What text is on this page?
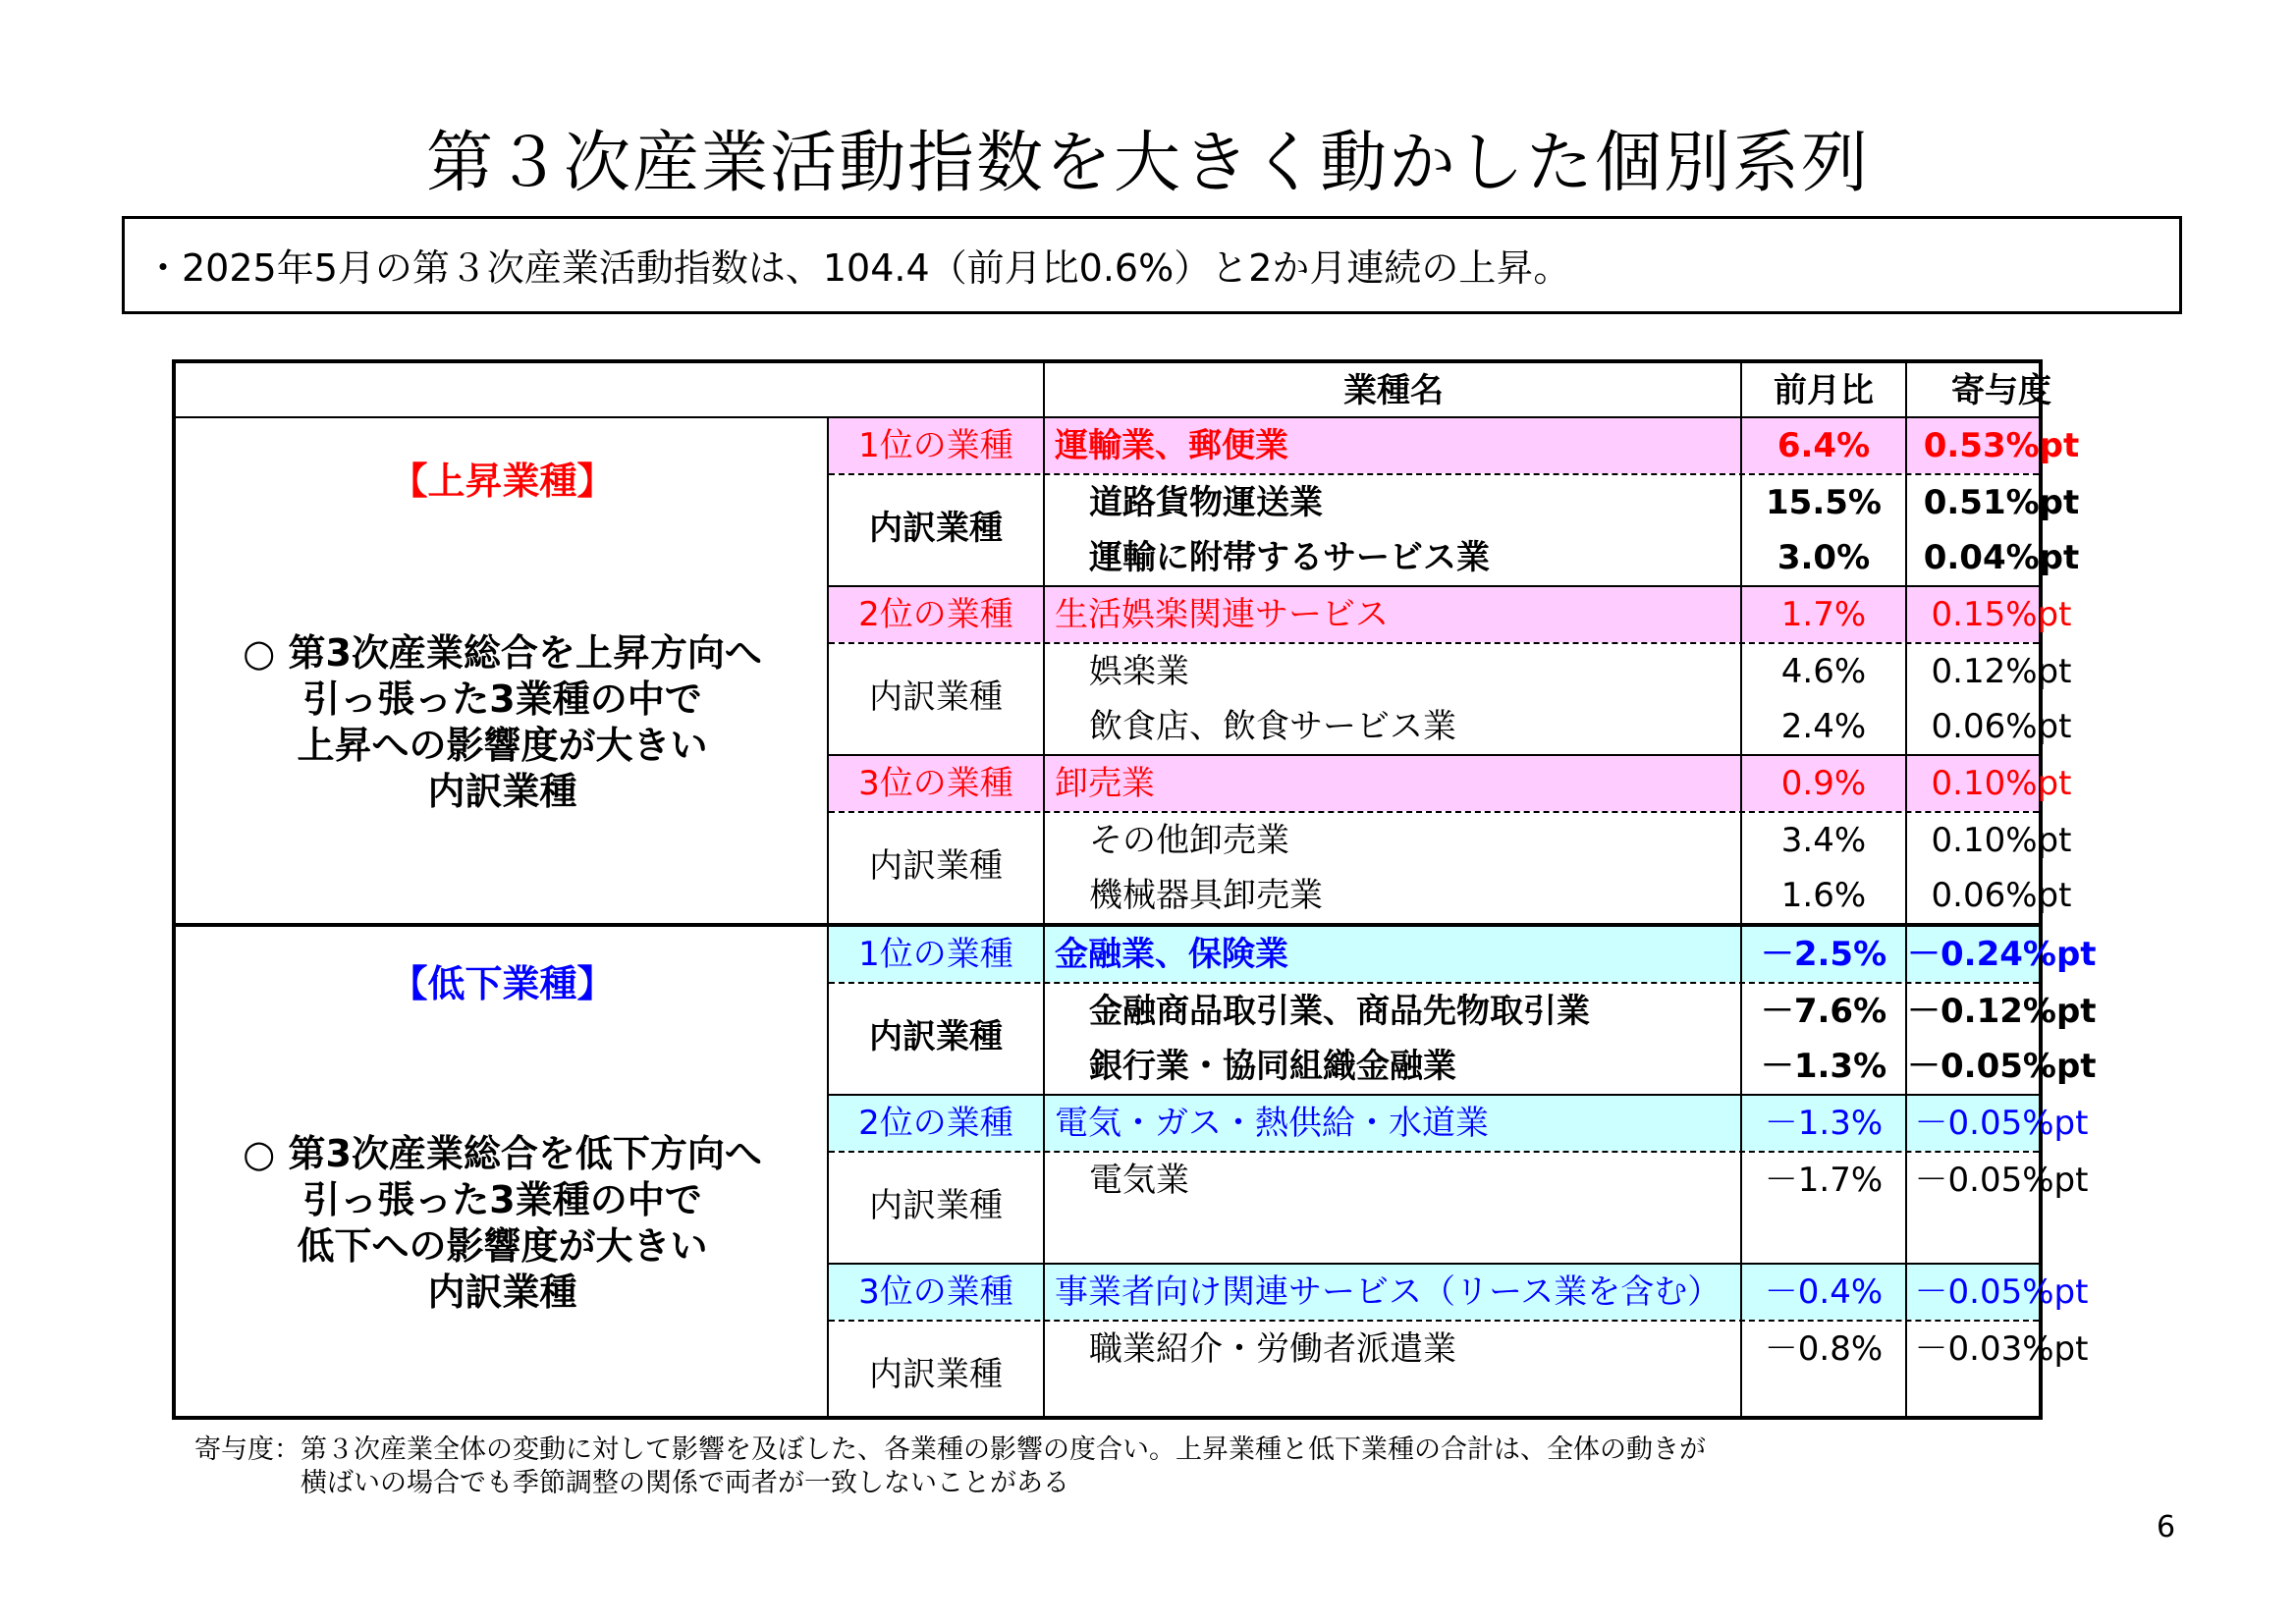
第３次産業活動指数を大きく動かした個別系列
・2025年5月の第３次産業活動指数は、104.4（前月比0.6%）と2か月連続の上昇。
業種名	前月比	寄与度
【上昇業種】
○ 第3次産業総合を上昇方向へ
引っ張った3業種の中で
上昇への影響度が大きい
内訳業種
1位の業種	運輸業、郵便業	6.4%	0.53%pt
内訳業種
道路貨物運送業	15.5%	0.51%pt
運輸に附帯するサービス業	3.0%	0.04%pt
2位の業種	生活娯楽関連サービス	1.7%	0.15%pt
内訳業種
娯楽業	4.6%	0.12%pt
飲食店、飲食サービス業	2.4%	0.06%pt
3位の業種	卸売業	0.9%	0.10%pt
内訳業種
その他卸売業	3.4%	0.10%pt
機械器具卸売業	1.6%	0.06%pt
【低下業種】
○ 第3次産業総合を低下方向へ
引っ張った3業種の中で
低下への影響度が大きい
内訳業種
1位の業種	金融業、保険業	－2.5% －0.24%pt
内訳業種
金融商品取引業、商品先物取引業	－7.6% －0.12%pt
銀行業・協同組織金融業	－1.3% －0.05%pt
2位の業種	電気・ガス・熱供給・水道業	－1.3% －0.05%pt
内訳業種
電気業	－1.7% －0.05%pt
3位の業種	事業者向け関連サービス（リース業を含む）	－0.4% －0.05%pt
内訳業種
職業紹介・労働者派遣業	－0.8% －0.03%pt
寄与度：第３次産業全体の変動に対して影響を及ぼした、各業種の影響の度合い。上昇業種と低下業種の合計は、全体の動きが
　　　　横ばいの場合でも季節調整の関係で両者が一致しないことがある
6
